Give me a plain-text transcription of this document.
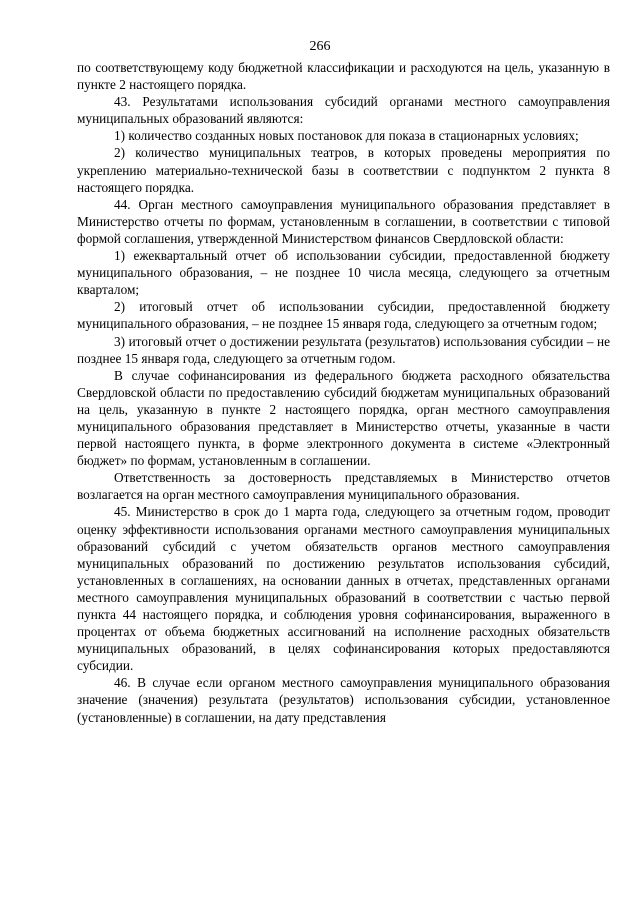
266

по соответствующему коду бюджетной классификации и расходуются на цель, указанную в пункте 2 настоящего порядка.

43. Результатами использования субсидий органами местного самоуправления муниципальных образований являются:

1) количество созданных новых постановок для показа в стационарных условиях;

2) количество муниципальных театров, в которых проведены мероприятия по укреплению материально-технической базы в соответствии с подпунктом 2 пункта 8 настоящего порядка.

44. Орган местного самоуправления муниципального образования представляет в Министерство отчеты по формам, установленным в соглашении, в соответствии с типовой формой соглашения, утвержденной Министерством финансов Свердловской области:

1) ежеквартальный отчет об использовании субсидии, предоставленной бюджету муниципального образования, – не позднее 10 числа месяца, следующего за отчетным кварталом;

2) итоговый отчет об использовании субсидии, предоставленной бюджету муниципального образования, – не позднее 15 января года, следующего за отчетным годом;

3) итоговый отчет о достижении результата (результатов) использования субсидии – не позднее 15 января года, следующего за отчетным годом.

В случае софинансирования из федерального бюджета расходного обязательства Свердловской области по предоставлению субсидий бюджетам муниципальных образований на цель, указанную в пункте 2 настоящего порядка, орган местного самоуправления муниципального образования представляет в Министерство отчеты, указанные в части первой настоящего пункта, в форме электронного документа в системе «Электронный бюджет» по формам, установленным в соглашении.

Ответственность за достоверность представляемых в Министерство отчетов возлагается на орган местного самоуправления муниципального образования.

45. Министерство в срок до 1 марта года, следующего за отчетным годом, проводит оценку эффективности использования органами местного самоуправления муниципальных образований субсидий с учетом обязательств органов местного самоуправления муниципальных образований по достижению результатов использования субсидий, установленных в соглашениях, на основании данных в отчетах, представленных органами местного самоуправления муниципальных образований в соответствии с частью первой пункта 44 настоящего порядка, и соблюдения уровня софинансирования, выраженного в процентах от объема бюджетных ассигнований на исполнение расходных обязательств муниципальных образований, в целях софинансирования которых предоставляются субсидии.

46. В случае если органом местного самоуправления муниципального образования значение (значения) результата (результатов) использования субсидии, установленное (установленные) в соглашении, на дату представления
